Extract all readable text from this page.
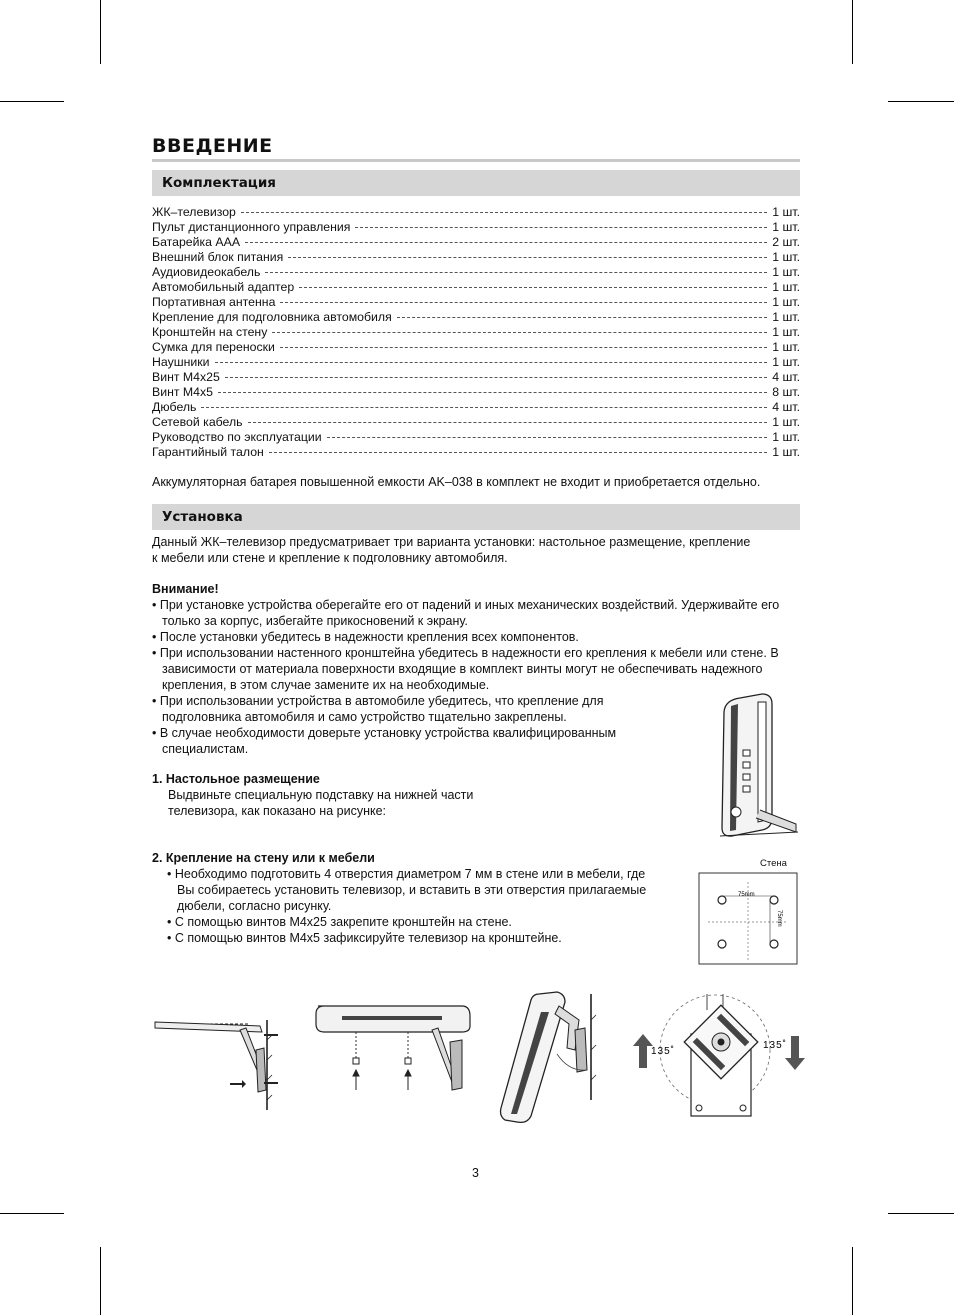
ВВЕДЕНИЕ
Комплектация
ЖК–телевизор	1 шт.
Пульт дистанционного управления	1 шт.
Батарейка AAA	2 шт.
Внешний блок питания	1 шт.
Аудиовидеокабель	1 шт.
Автомобильный адаптер	1 шт.
Портативная антенна	1 шт.
Крепление для подголовника автомобиля	1 шт.
Кронштейн на стену	1 шт.
Сумка для переноски	1 шт.
Наушники	1 шт.
Винт М4х25	4 шт.
Винт М4х5	8 шт.
Дюбель	4 шт.
Сетевой кабель	1 шт.
Руководство по эксплуатации	1 шт.
Гарантийный талон	1 шт.

Аккумуляторная батарея повышенной емкости AK–038 в комплект не входит и приобретается отдельно.

Установка

Данный ЖК–телевизор предусматривает три варианта установки: настольное размещение, крепление

к мебели или стене и крепление к подголовнику автомобиля.

Внимание!

• При установке устройства оберегайте его от падений и иных механических воздействий. Удерживайте его только за корпус, избегайте прикосновений к экрану.
• После установки убедитесь в надежности крепления всех компонентов.
• При использовании настенного кронштейна убедитесь в надежности его крепления к мебели или стене. В зависимости от материала поверхности входящие в комплект винты могут не обеспечивать надежного крепления, в этом случае замените их на необходимые.
• При использовании устройства в автомобиле убедитесь, что крепление для подголовника автомобиля и само устройство тщательно закреплены.
• В случае необходимости доверьте установку устройства квалифицированным специалистам.

1. Настольное размещение

Выдвиньте специальную подставку на нижней части

телевизора, как показано на рисунке:

2. Крепление на стену или к мебели

• Необходимо подготовить 4 отверстия диаметром 7 мм в стене или в мебели, где Вы собираетесь установить телевизор, и вставить в эти отверстия прилагаемые дюбели, согласно рисунку.
• С помощью винтов М4х25 закрепите кронштейн на стене.
• С помощью винтов М4х5 зафиксируйте телевизор на кронштейне.
Стена
75mm
75mm
135˚
135˚
3
